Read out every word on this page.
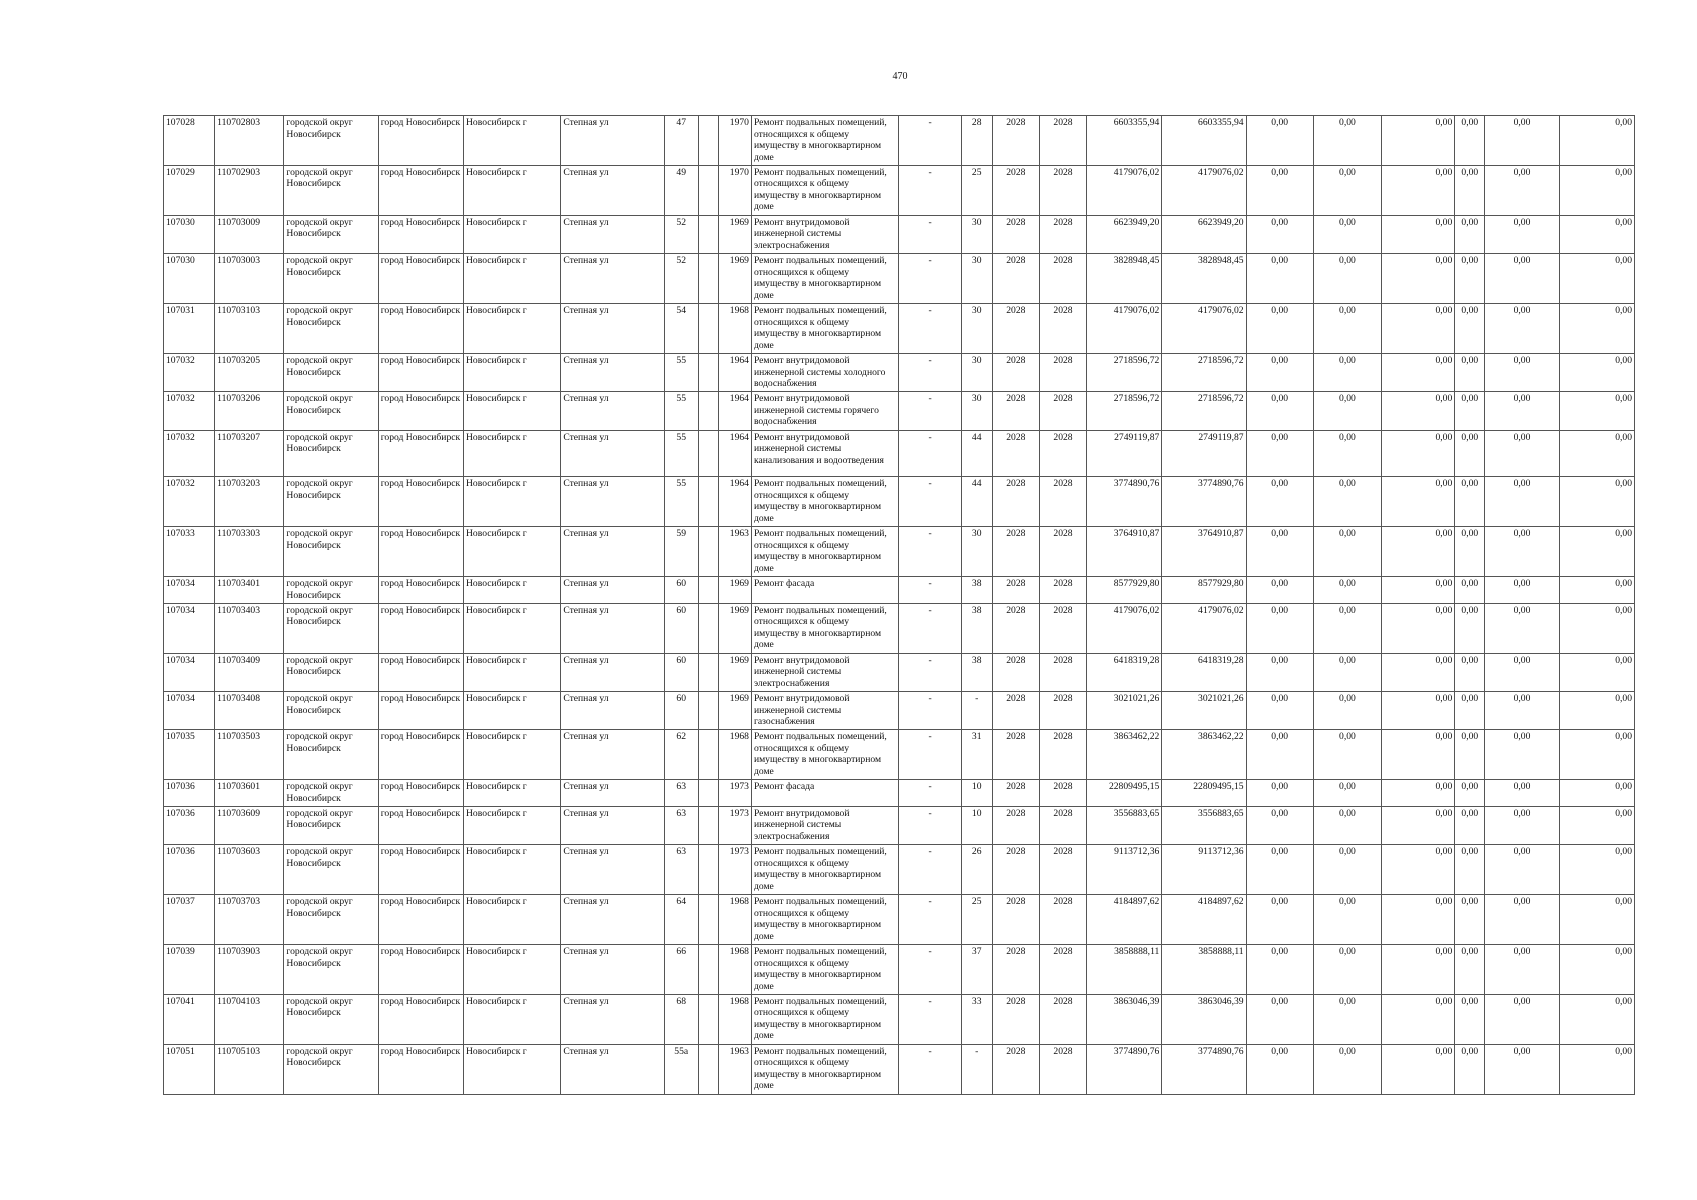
470
107028	110702803	городской округ Новосибирск	город Новосибирск	Новосибирск г	Степная ул	47		1970	Ремонт подвальных помещений, относящихся к общему имуществу в многоквартирном доме	-	28	2028	2028	6603355,94	6603355,94	0,00	0,00	0,00	0,00	0,00	0,00
107029	110702903	городской округ Новосибирск	город Новосибирск	Новосибирск г	Степная ул	49		1970	Ремонт подвальных помещений, относящихся к общему имуществу в многоквартирном доме	-	25	2028	2028	4179076,02	4179076,02	0,00	0,00	0,00	0,00	0,00	0,00
107030	110703009	городской округ Новосибирск	город Новосибирск	Новосибирск г	Степная ул	52		1969	Ремонт внутридомовой инженерной системы электроснабжения	-	30	2028	2028	6623949,20	6623949,20	0,00	0,00	0,00	0,00	0,00	0,00
107030	110703003	городской округ Новосибирск	город Новосибирск	Новосибирск г	Степная ул	52		1969	Ремонт подвальных помещений, относящихся к общему имуществу в многоквартирном доме	-	30	2028	2028	3828948,45	3828948,45	0,00	0,00	0,00	0,00	0,00	0,00
107031	110703103	городской округ Новосибирск	город Новосибирск	Новосибирск г	Степная ул	54		1968	Ремонт подвальных помещений, относящихся к общему имуществу в многоквартирном доме	-	30	2028	2028	4179076,02	4179076,02	0,00	0,00	0,00	0,00	0,00	0,00
107032	110703205	городской округ Новосибирск	город Новосибирск	Новосибирск г	Степная ул	55		1964	Ремонт внутридомовой инженерной системы холодного водоснабжения	-	30	2028	2028	2718596,72	2718596,72	0,00	0,00	0,00	0,00	0,00	0,00
107032	110703206	городской округ Новосибирск	город Новосибирск	Новосибирск г	Степная ул	55		1964	Ремонт внутридомовой инженерной системы горячего водоснабжения	-	30	2028	2028	2718596,72	2718596,72	0,00	0,00	0,00	0,00	0,00	0,00
107032	110703207	городской округ Новосибирск	город Новосибирск	Новосибирск г	Степная ул	55		1964	Ремонт внутридомовой инженерной системы канализования и водоотведения	-	44	2028	2028	2749119,87	2749119,87	0,00	0,00	0,00	0,00	0,00	0,00
107032	110703203	городской округ Новосибирск	город Новосибирск	Новосибирск г	Степная ул	55		1964	Ремонт подвальных помещений, относящихся к общему имуществу в многоквартирном доме	-	44	2028	2028	3774890,76	3774890,76	0,00	0,00	0,00	0,00	0,00	0,00
107033	110703303	городской округ Новосибирск	город Новосибирск	Новосибирск г	Степная ул	59		1963	Ремонт подвальных помещений, относящихся к общему имуществу в многоквартирном доме	-	30	2028	2028	3764910,87	3764910,87	0,00	0,00	0,00	0,00	0,00	0,00
107034	110703401	городской округ Новосибирск	город Новосибирск	Новосибирск г	Степная ул	60		1969	Ремонт фасада	-	38	2028	2028	8577929,80	8577929,80	0,00	0,00	0,00	0,00	0,00	0,00
107034	110703403	городской округ Новосибирск	город Новосибирск	Новосибирск г	Степная ул	60		1969	Ремонт подвальных помещений, относящихся к общему имуществу в многоквартирном доме	-	38	2028	2028	4179076,02	4179076,02	0,00	0,00	0,00	0,00	0,00	0,00
107034	110703409	городской округ Новосибирск	город Новосибирск	Новосибирск г	Степная ул	60		1969	Ремонт внутридомовой инженерной системы электроснабжения	-	38	2028	2028	6418319,28	6418319,28	0,00	0,00	0,00	0,00	0,00	0,00
107034	110703408	городской округ Новосибирск	город Новосибирск	Новосибирск г	Степная ул	60		1969	Ремонт внутридомовой инженерной системы газоснабжения	-	-	2028	2028	3021021,26	3021021,26	0,00	0,00	0,00	0,00	0,00	0,00
107035	110703503	городской округ Новосибирск	город Новосибирск	Новосибирск г	Степная ул	62		1968	Ремонт подвальных помещений, относящихся к общему имуществу в многоквартирном доме	-	31	2028	2028	3863462,22	3863462,22	0,00	0,00	0,00	0,00	0,00	0,00
107036	110703601	городской округ Новосибирск	город Новосибирск	Новосибирск г	Степная ул	63		1973	Ремонт фасада	-	10	2028	2028	22809495,15	22809495,15	0,00	0,00	0,00	0,00	0,00	0,00
107036	110703609	городской округ Новосибирск	город Новосибирск	Новосибирск г	Степная ул	63		1973	Ремонт внутридомовой инженерной системы электроснабжения	-	10	2028	2028	3556883,65	3556883,65	0,00	0,00	0,00	0,00	0,00	0,00
107036	110703603	городской округ Новосибирск	город Новосибирск	Новосибирск г	Степная ул	63		1973	Ремонт подвальных помещений, относящихся к общему имуществу в многоквартирном доме	-	26	2028	2028	9113712,36	9113712,36	0,00	0,00	0,00	0,00	0,00	0,00
107037	110703703	городской округ Новосибирск	город Новосибирск	Новосибирск г	Степная ул	64		1968	Ремонт подвальных помещений, относящихся к общему имуществу в многоквартирном доме	-	25	2028	2028	4184897,62	4184897,62	0,00	0,00	0,00	0,00	0,00	0,00
107039	110703903	городской округ Новосибирск	город Новосибирск	Новосибирск г	Степная ул	66		1968	Ремонт подвальных помещений, относящихся к общему имуществу в многоквартирном доме	-	37	2028	2028	3858888,11	3858888,11	0,00	0,00	0,00	0,00	0,00	0,00
107041	110704103	городской округ Новосибирск	город Новосибирск	Новосибирск г	Степная ул	68		1968	Ремонт подвальных помещений, относящихся к общему имуществу в многоквартирном доме	-	33	2028	2028	3863046,39	3863046,39	0,00	0,00	0,00	0,00	0,00	0,00
107051	110705103	городской округ Новосибирск	город Новосибирск	Новосибирск г	Степная ул	55а		1963	Ремонт подвальных помещений, относящихся к общему имуществу в многоквартирном доме	-	-	2028	2028	3774890,76	3774890,76	0,00	0,00	0,00	0,00	0,00	0,00
